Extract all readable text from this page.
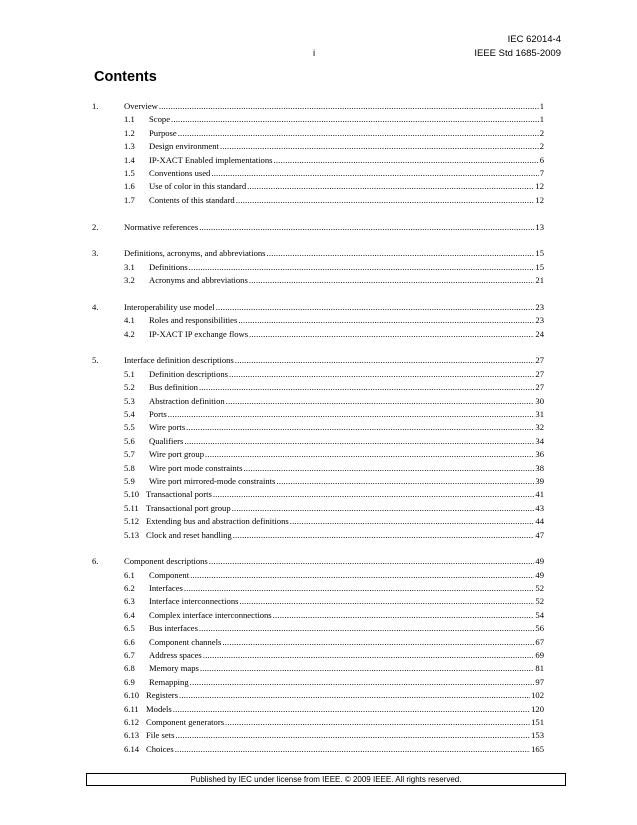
IEC 62014-4
i	IEEE Std 1685-2009
Contents
1.	Overview .....	1
1.1	Scope .....	1
1.2	Purpose .....	2
1.3	Design environment .....	2
1.4	IP-XACT Enabled implementations .....	6
1.5	Conventions used .....	7
1.6	Use of color in this standard .....	12
1.7	Contents of this standard .....	12
2.	Normative references .....	13
3.	Definitions, acronyms, and abbreviations .....	15
3.1	Definitions .....	15
3.2	Acronyms and abbreviations .....	21
4.	Interoperability use model .....	23
4.1	Roles and responsibilities .....	23
4.2	IP-XACT IP exchange flows .....	24
5.	Interface definition descriptions .....	27
5.1	Definition descriptions .....	27
5.2	Bus definition .....	27
5.3	Abstraction definition .....	30
5.4	Ports .....	31
5.5	Wire ports .....	32
5.6	Qualifiers .....	34
5.7	Wire port group .....	36
5.8	Wire port mode constraints .....	38
5.9	Wire port mirrored-mode constraints .....	39
5.10 Transactional ports .....	41
5.11 Transactional port group .....	43
5.12 Extending bus and abstraction definitions .....	44
5.13 Clock and reset handling .....	47
6.	Component descriptions .....	49
6.1	Component .....	49
6.2	Interfaces .....	52
6.3	Interface interconnections .....	52
6.4	Complex interface interconnections .....	54
6.5	Bus interfaces .....	56
6.6	Component channels .....	67
6.7	Address spaces .....	69
6.8	Memory maps .....	81
6.9	Remapping .....	97
6.10 Registers .....	102
6.11 Models .....	120
6.12 Component generators .....	151
6.13 File sets .....	153
6.14 Choices .....	165
Published by IEC under license from IEEE. © 2009 IEEE. All rights reserved.
